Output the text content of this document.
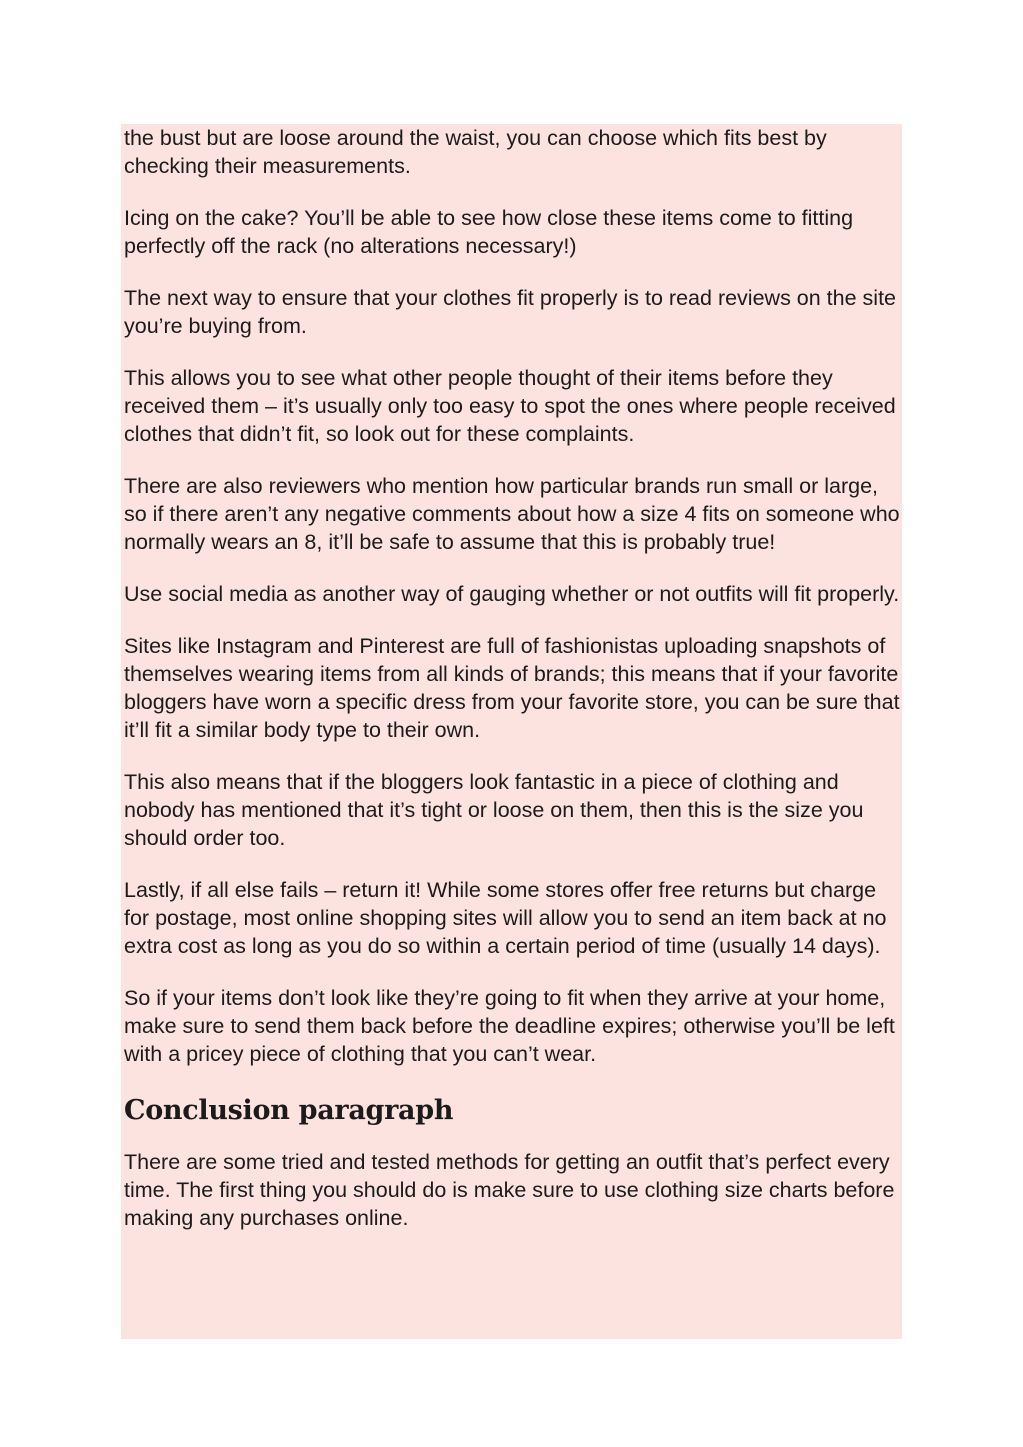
the bust but are loose around the waist, you can choose which fits best by checking their measurements.

Icing on the cake? You’ll be able to see how close these items come to fitting perfectly off the rack (no alterations necessary!)

The next way to ensure that your clothes fit properly is to read reviews on the site you’re buying from.

This allows you to see what other people thought of their items before they received them – it’s usually only too easy to spot the ones where people received clothes that didn’t fit, so look out for these complaints.

There are also reviewers who mention how particular brands run small or large, so if there aren’t any negative comments about how a size 4 fits on someone who normally wears an 8, it’ll be safe to assume that this is probably true!

Use social media as another way of gauging whether or not outfits will fit properly.

Sites like Instagram and Pinterest are full of fashionistas uploading snapshots of themselves wearing items from all kinds of brands; this means that if your favorite bloggers have worn a specific dress from your favorite store, you can be sure that it’ll fit a similar body type to their own.

This also means that if the bloggers look fantastic in a piece of clothing and nobody has mentioned that it’s tight or loose on them, then this is the size you should order too.

Lastly, if all else fails – return it! While some stores offer free returns but charge for postage, most online shopping sites will allow you to send an item back at no extra cost as long as you do so within a certain period of time (usually 14 days).

So if your items don’t look like they’re going to fit when they arrive at your home, make sure to send them back before the deadline expires; otherwise you’ll be left with a pricey piece of clothing that you can’t wear.

Conclusion paragraph

There are some tried and tested methods for getting an outfit that’s perfect every time. The first thing you should do is make sure to use clothing size charts before making any purchases online.
